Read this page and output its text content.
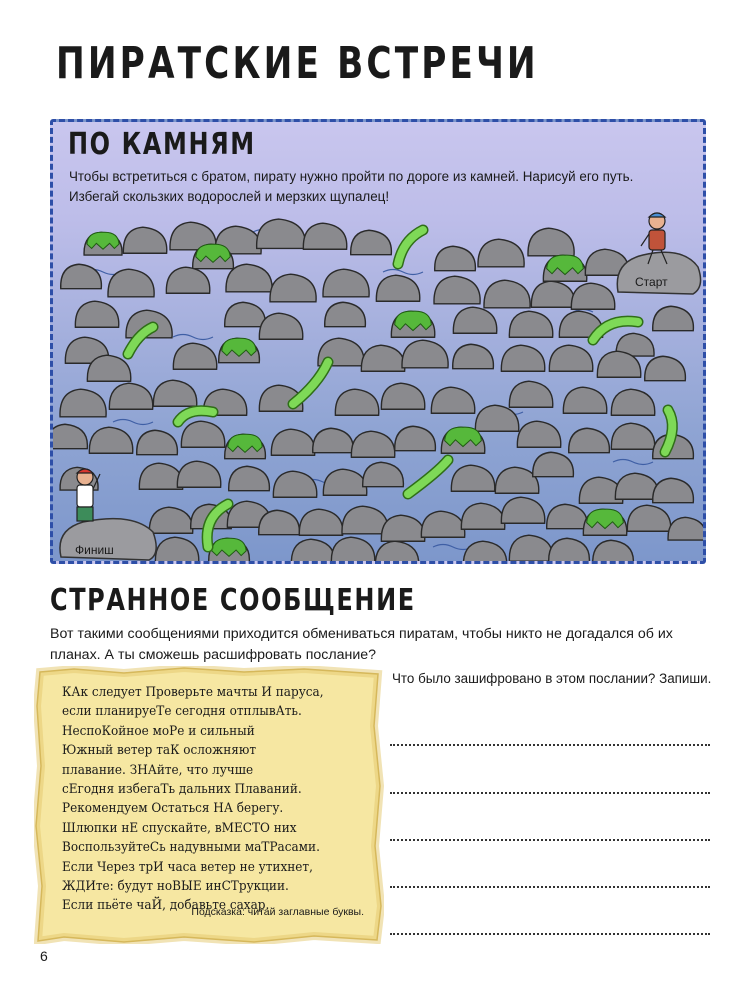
ПИРАТСКИЕ ВСТРЕЧИ
ПО КАМНЯМ

Чтобы встретиться с братом, пирату нужно пройти по дороге из камней. Нарисуй его путь. Избегай скользких водорослей и мерзких щупалец!

Старт
Финиш
СТРАННОЕ СООБЩЕНИЕ

Вот такими сообщениями приходится обмениваться пиратам, чтобы никто не догадался об их планах. А ты сможешь расшифровать послание?

КАк следует Проверьте мачты И паруса,
если планируеТе сегодня отплывАть.
НеспоКойное моРе и сильный
Южный ветер таК осложняют
плавание. ЗНАйте, что лучше
сЕгодня избегаТь дальних Плаваний.
Рекомендуем Остаться НА берегу.
Шлюпки нЕ спускайте, вМЕСТО них
ВоспользуйтеСь надувными маТРасами.
Если Через трИ часа ветер не утихнет,
ЖДИте: будут ноВЫЕ инСТрукции.
Если пьёте чаЙ, добавьте сахар.

Подсказка: читай заглавные буквы.

Что было зашифровано в этом послании? Запиши.

6
